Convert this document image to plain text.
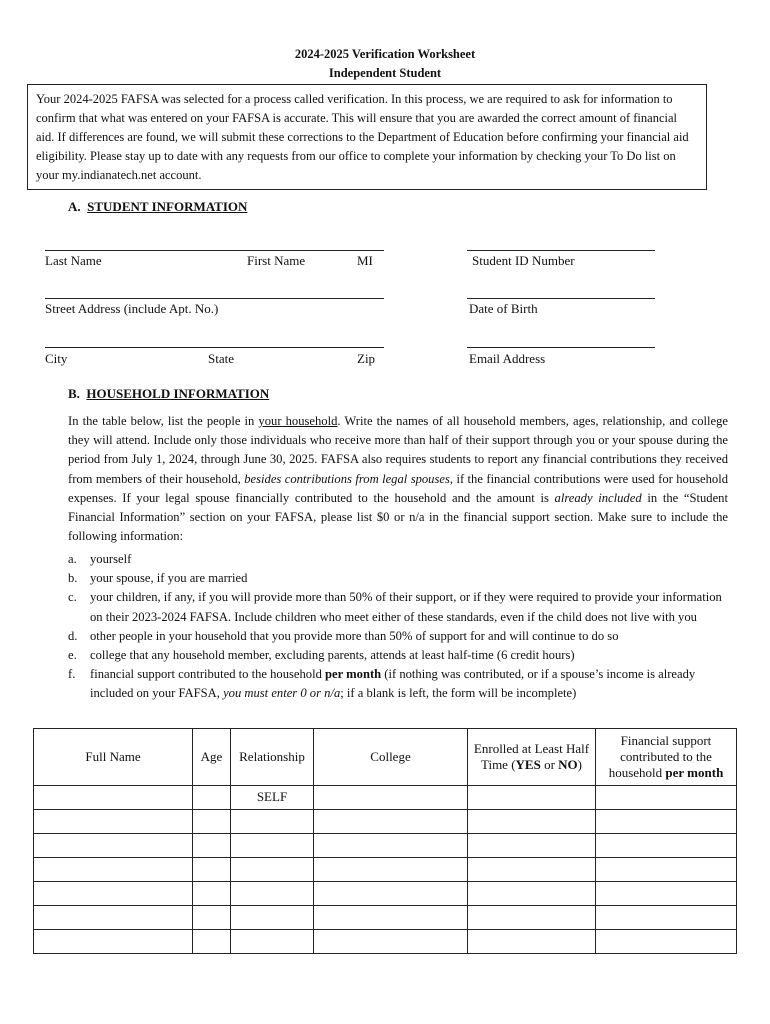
2024-2025 Verification Worksheet
Independent Student
Your 2024-2025 FAFSA was selected for a process called verification. In this process, we are required to ask for information to confirm that what was entered on your FAFSA is accurate. This will ensure that you are awarded the correct amount of financial aid. If differences are found, we will submit these corrections to the Department of Education before confirming your financial aid eligibility. Please stay up to date with any requests from our office to complete your information by checking your To Do list on your my.indianatech.net account.
A. STUDENT INFORMATION
Last Name	First Name	MI	Student ID Number
Street Address (include Apt. No.)	Date of Birth
City	State	Zip	Email Address
B. HOUSEHOLD INFORMATION
In the table below, list the people in your household. Write the names of all household members, ages, relationship, and college they will attend. Include only those individuals who receive more than half of their support through you or your spouse during the period from July 1, 2024, through June 30, 2025. FAFSA also requires students to report any financial contributions they received from members of their household, besides contributions from legal spouses, if the financial contributions were used for household expenses. If your legal spouse financially contributed to the household and the amount is already included in the “Student Financial Information” section on your FAFSA, please list $0 or n/a in the financial support section. Make sure to include the following information:
a. yourself
b. your spouse, if you are married
c. your children, if any, if you will provide more than 50% of their support, or if they were required to provide your information on their 2023-2024 FAFSA. Include children who meet either of these standards, even if the child does not live with you
d. other people in your household that you provide more than 50% of support for and will continue to do so
e. college that any household member, excluding parents, attends at least half-time (6 credit hours)
f. financial support contributed to the household per month (if nothing was contributed, or if a spouse’s income is already included on your FAFSA, you must enter 0 or n/a; if a blank is left, the form will be incomplete)
Full Name	Age	Relationship	College	Enrolled at Least Half Time (YES or NO)	Financial support contributed to the household per month
		SELF			
